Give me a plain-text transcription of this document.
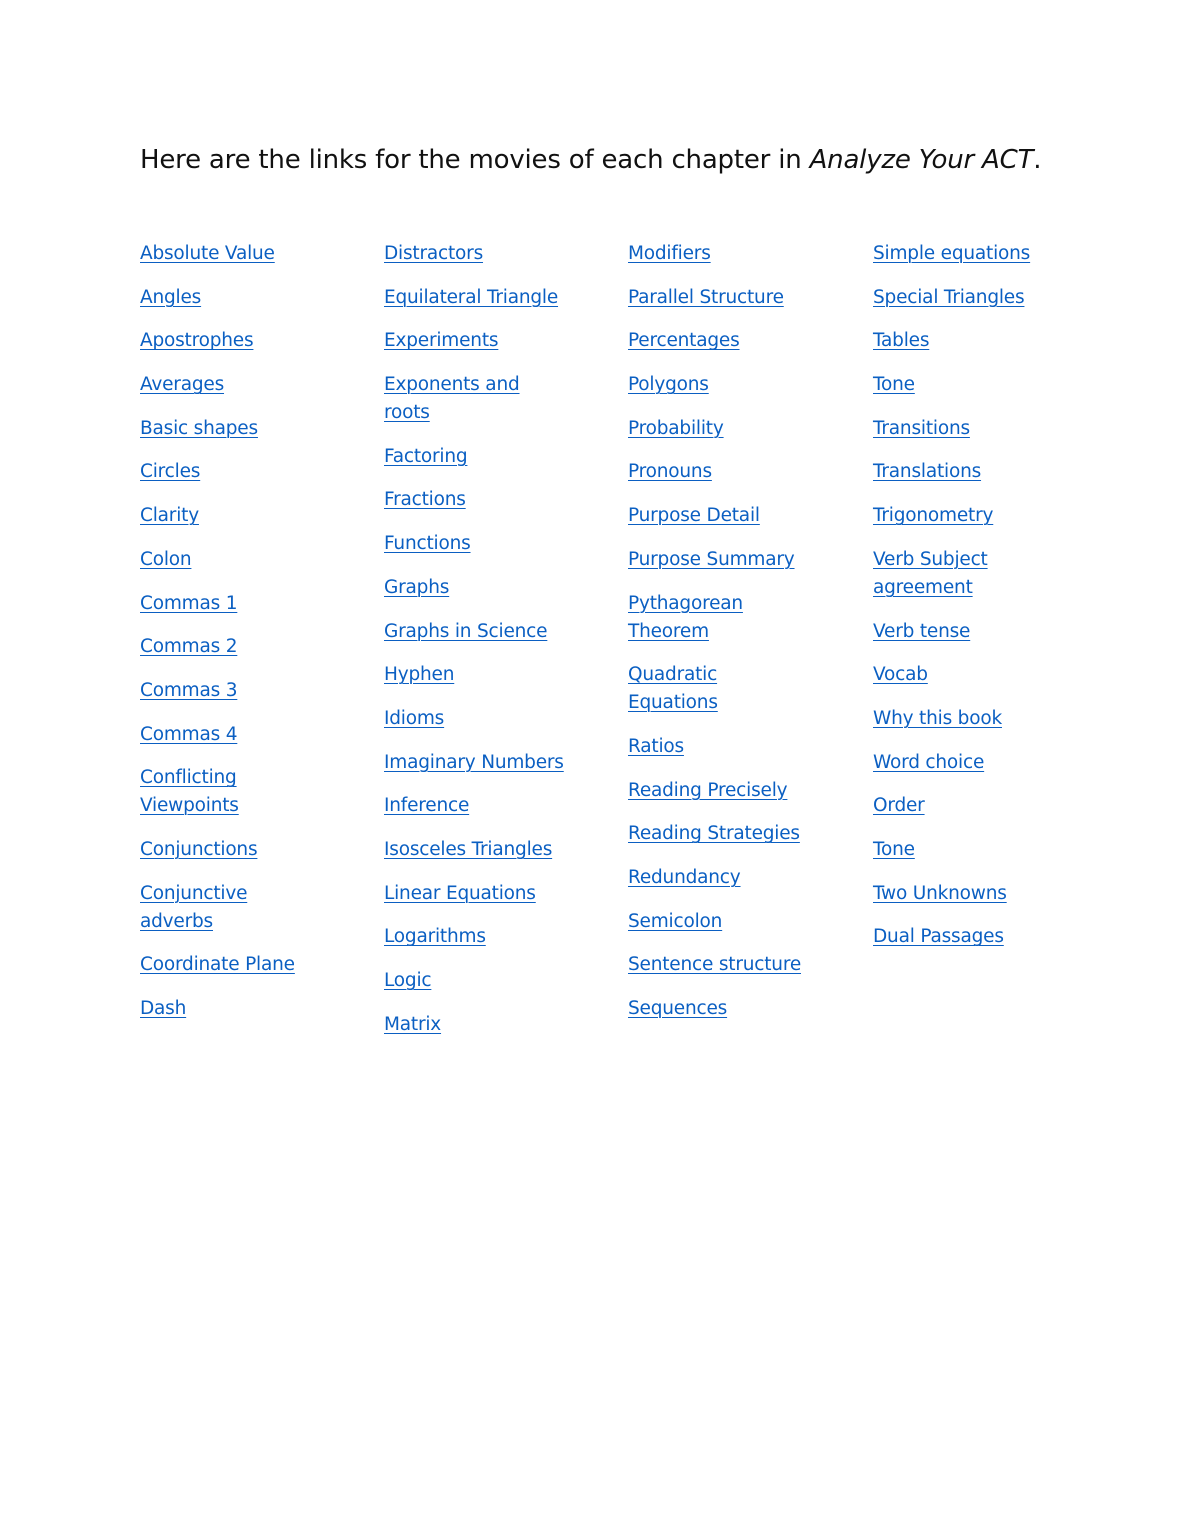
Here are the links for the movies of each chapter in Analyze Your ACT.
Absolute Value
Angles
Apostrophes
Averages
Basic shapes
Circles
Clarity
Colon
Commas 1
Commas 2
Commas 3
Commas 4
Conflicting Viewpoints
Conjunctions
Conjunctive adverbs
Coordinate Plane
Dash
Distractors
Equilateral Triangle
Experiments
Exponents and roots
Factoring
Fractions
Functions
Graphs
Graphs in Science
Hyphen
Idioms
Imaginary Numbers
Inference
Isosceles Triangles
Linear Equations
Logarithms
Logic
Matrix
Modifiers
Parallel Structure
Percentages
Polygons
Probability
Pronouns
Purpose Detail
Purpose Summary
Pythagorean Theorem
Quadratic Equations
Ratios
Reading Precisely
Reading Strategies
Redundancy
Semicolon
Sentence structure
Sequences
Simple equations
Special Triangles
Tables
Tone
Transitions
Translations
Trigonometry
Verb Subject agreement
Verb tense
Vocab
Why this book
Word choice
Order
Tone
Two Unknowns
Dual Passages
